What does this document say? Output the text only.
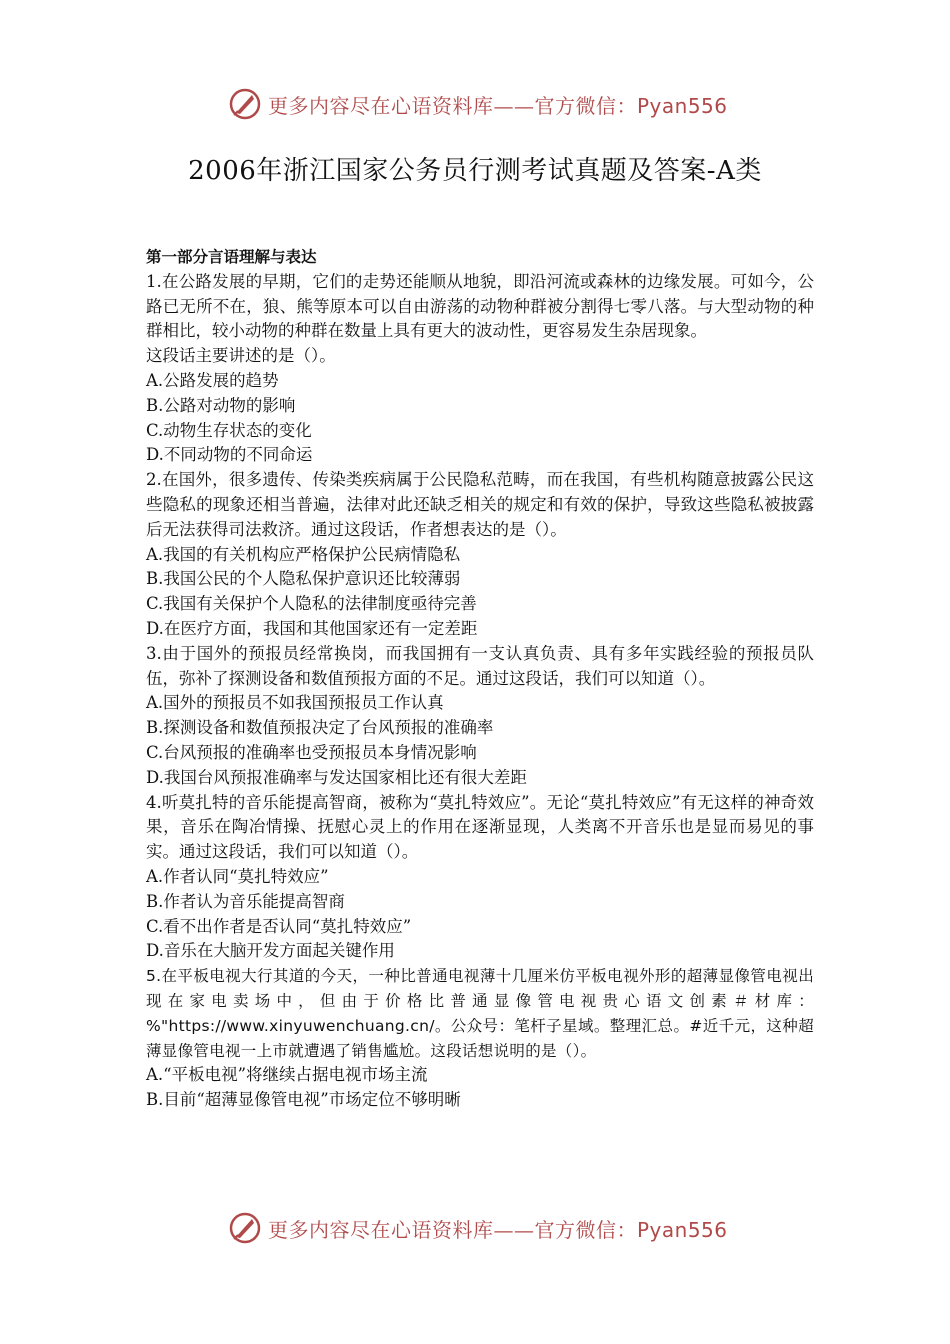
更多内容尽在心语资料库——官方微信：Pyan556
2006年浙江国家公务员行测考试真题及答案-A类
第一部分言语理解与表达

1.在公路发展的早期，它们的走势还能顺从地貌，即沿河流或森林的边缘发展。可如今，公路已无所不在，狼、熊等原本可以自由游荡的动物种群被分割得七零八落。与大型动物的种群相比，较小动物的种群在数量上具有更大的波动性，更容易发生杂居现象。

这段话主要讲述的是（）。

A.公路发展的趋势

B.公路对动物的影响

C.动物生存状态的变化

D.不同动物的不同命运

2.在国外，很多遗传、传染类疾病属于公民隐私范畴，而在我国，有些机构随意披露公民这些隐私的现象还相当普遍，法律对此还缺乏相关的规定和有效的保护，导致这些隐私被披露后无法获得司法救济。通过这段话，作者想表达的是（）。

A.我国的有关机构应严格保护公民病情隐私

B.我国公民的个人隐私保护意识还比较薄弱

C.我国有关保护个人隐私的法律制度亟待完善

D.在医疗方面，我国和其他国家还有一定差距

3.由于国外的预报员经常换岗，而我国拥有一支认真负责、具有多年实践经验的预报员队伍，弥补了探测设备和数值预报方面的不足。通过这段话，我们可以知道（）。

A.国外的预报员不如我国预报员工作认真

B.探测设备和数值预报决定了台风预报的准确率

C.台风预报的准确率也受预报员本身情况影响

D.我国台风预报准确率与发达国家相比还有很大差距

4.听莫扎特的音乐能提高智商，被称为“莫扎特效应”。无论“莫扎特效应”有无这样的神奇效果，音乐在陶冶情操、抚慰心灵上的作用在逐渐显现，人类离不开音乐也是显而易见的事实。通过这段话，我们可以知道（）。

A.作者认同“莫扎特效应”

B.作者认为音乐能提高智商

C.看不出作者是否认同“莫扎特效应”

D.音乐在大脑开发方面起关键作用

5.在平板电视大行其道的今天，一种比普通电视薄十几厘米仿平板电视外形的超薄显像管电视出现在家电卖场中，但由于价格比普通显像管电视贵心语文创素＃材库：%"https://www.xinyuwenchuang.cn/。公众号：笔杆子星域。整理汇总。#近千元，这种超薄显像管电视一上市就遭遇了销售尴尬。这段话想说明的是（）。

A.“平板电视”将继续占据电视市场主流

B.目前“超薄显像管电视”市场定位不够明晰

更多内容尽在心语资料库——官方微信：Pyan556
